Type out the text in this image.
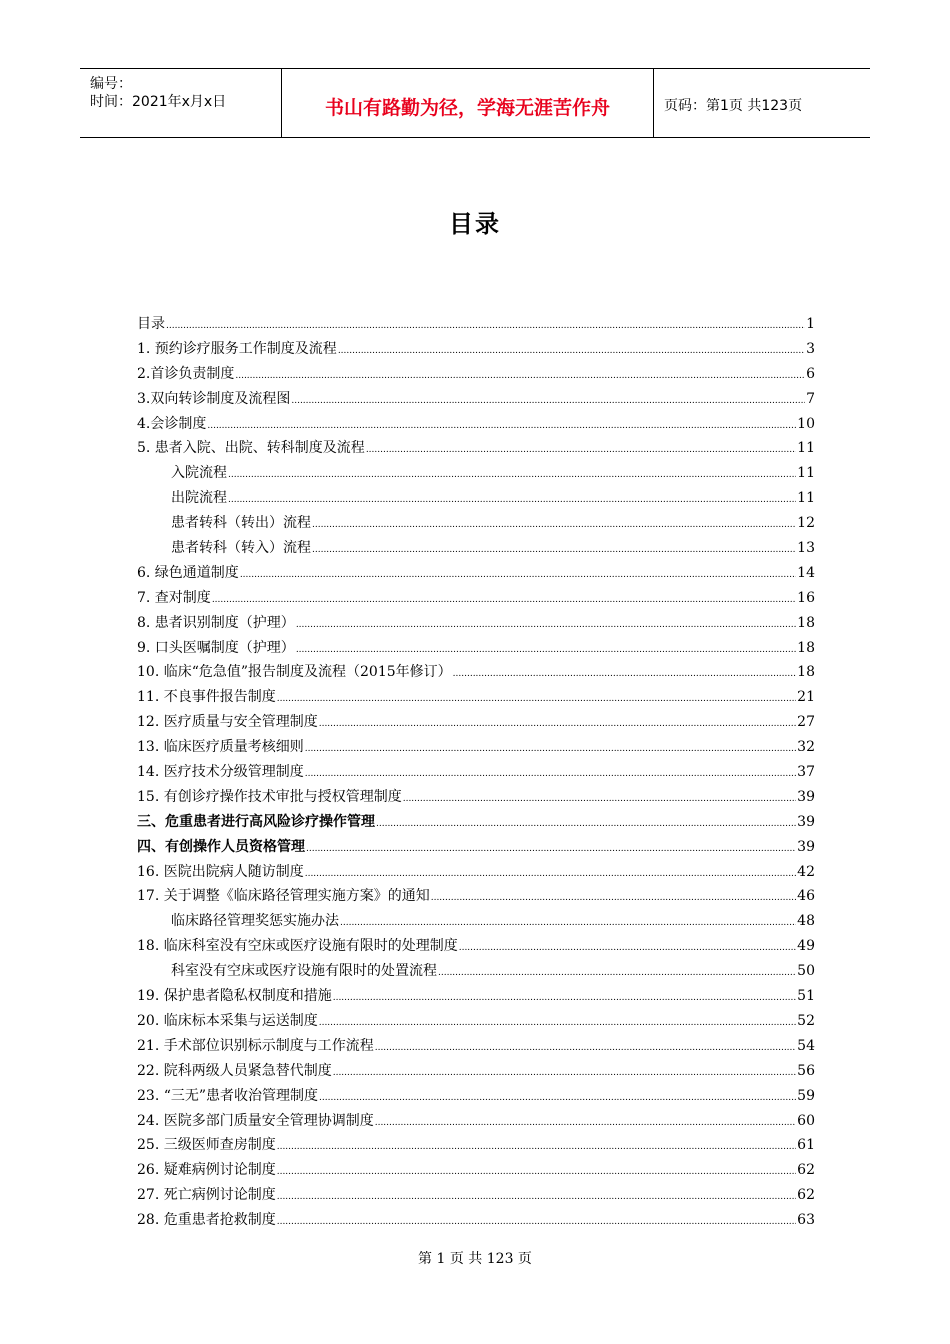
编号：
时间：2021年x月x日	书山有路勤为径，学海无涯苦作舟	页码：第1页 共123页
目录
目录 .....	1
1. 预约诊疗服务工作制度及流程 .....	3
2.首诊负责制度 .....	6
3.双向转诊制度及流程图 .....	7
4.会诊制度 .....	10
5. 患者入院、出院、转科制度及流程 .....	11
入院流程 .....	11
出院流程 .....	11
患者转科（转出）流程 .....	12
患者转科（转入）流程 .....	13
6. 绿色通道制度 .....	14
7. 查对制度 .....	16
8. 患者识别制度（护理） .....	18
9. 口头医嘱制度（护理） .....	18
10. 临床“危急值”报告制度及流程（2015年修订） .....	18
11. 不良事件报告制度 .....	21
12. 医疗质量与安全管理制度 .....	27
13. 临床医疗质量考核细则 .....	32
14. 医疗技术分级管理制度 .....	37
15. 有创诊疗操作技术审批与授权管理制度 .....	39
三、危重患者进行高风险诊疗操作管理 .....	39
四、有创操作人员资格管理 .....	39
16. 医院出院病人随访制度 .....	42
17. 关于调整《临床路径管理实施方案》的通知 .....	46
临床路径管理奖惩实施办法 .....	48
18. 临床科室没有空床或医疗设施有限时的处理制度 .....	49
科室没有空床或医疗设施有限时的处置流程 .....	50
19. 保护患者隐私权制度和措施 .....	51
20. 临床标本采集与运送制度 .....	52
21. 手术部位识别标示制度与工作流程 .....	54
22. 院科两级人员紧急替代制度 .....	56
23. “三无”患者收治管理制度 .....	59
24. 医院多部门质量安全管理协调制度 .....	60
25. 三级医师查房制度 .....	61
26. 疑难病例讨论制度 .....	62
27. 死亡病例讨论制度 .....	62
28. 危重患者抢救制度 .....	63
第 1 页 共 123 页
